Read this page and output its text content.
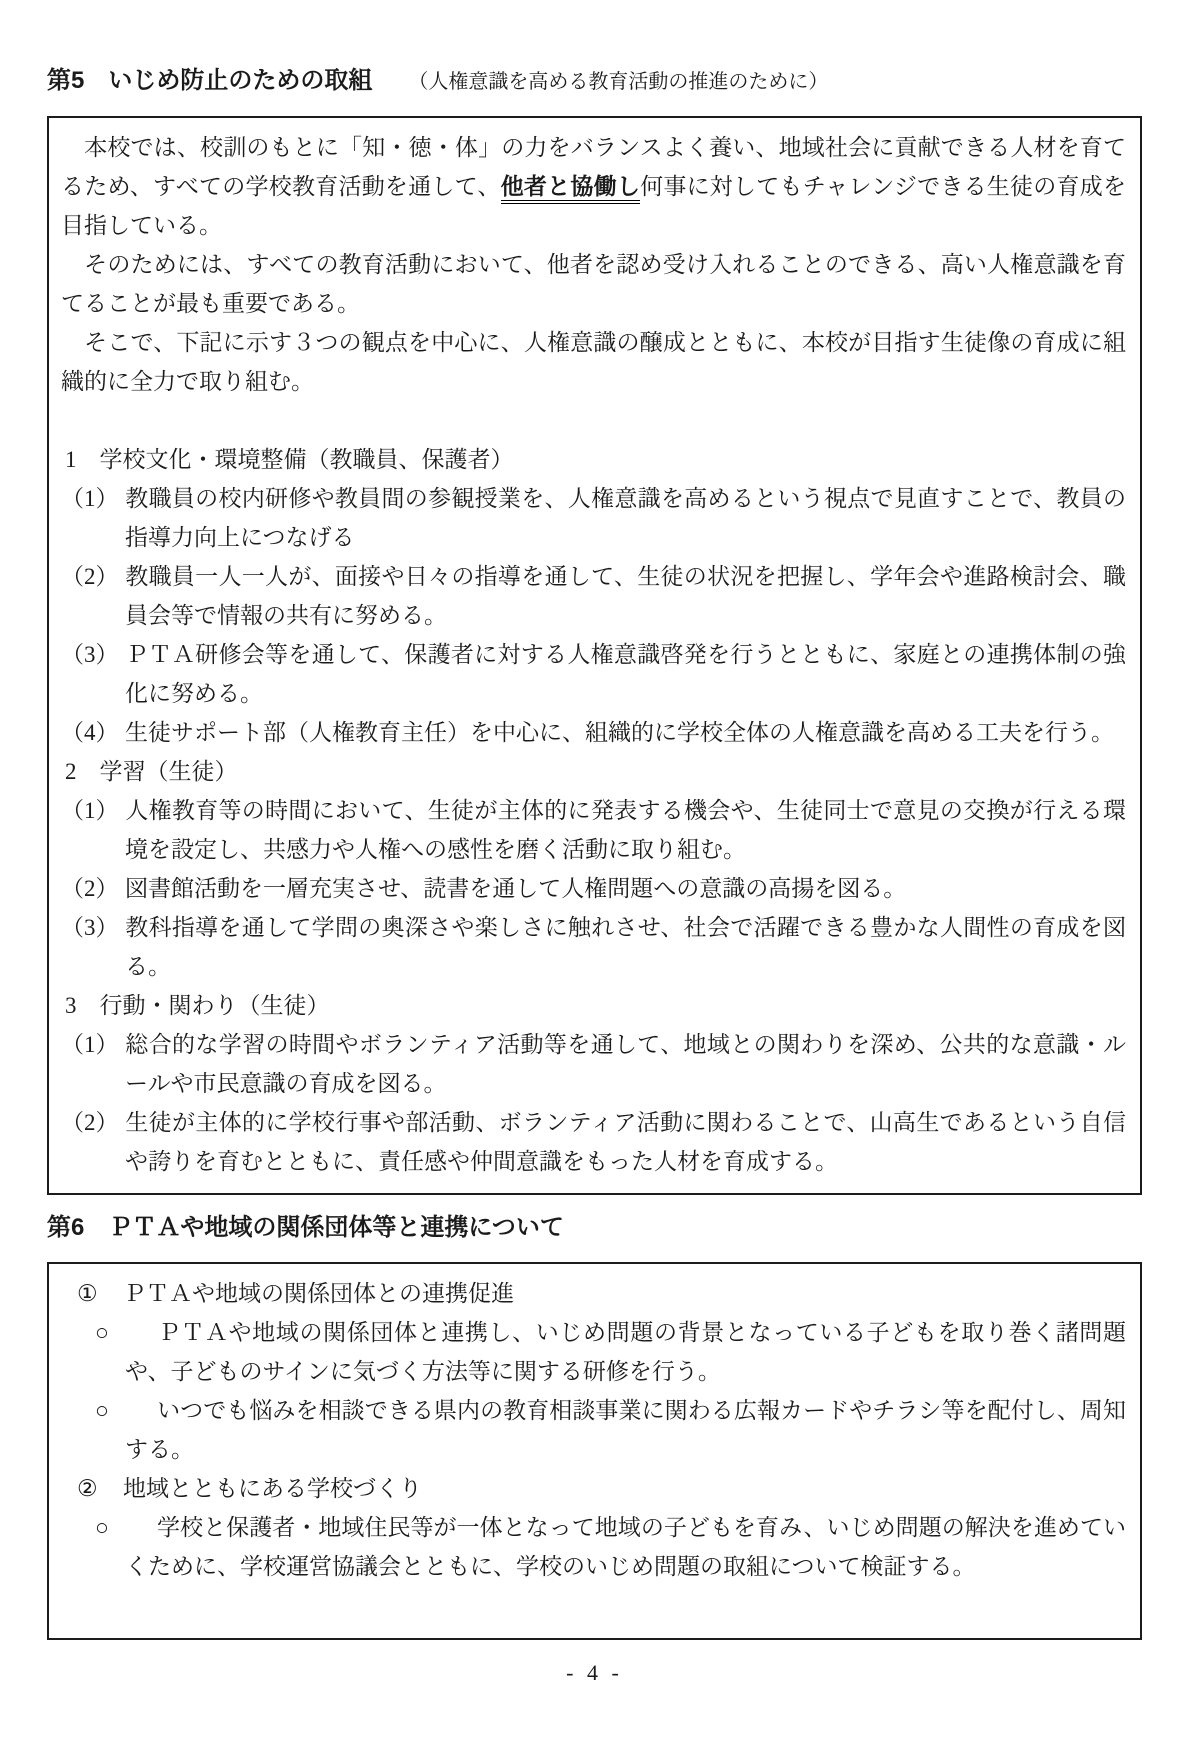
第5 いじめ防止のための取組 （人権意識を高める教育活動の推進のために）

　本校では、校訓のもとに「知・徳・体」の力をバランスよく養い、地域社会に貢献できる人材を育てるため、すべての学校教育活動を通して、他者と協働し何事に対してもチャレンジできる生徒の育成を目指している。

　そのためには、すべての教育活動において、他者を認め受け入れることのできる、高い人権意識を育てることが最も重要である。

　そこで、下記に示す３つの観点を中心に、人権意識の醸成とともに、本校が目指す生徒像の育成に組織的に全力で取り組む。

1　学校文化・環境整備（教職員、保護者）
（1） 教職員の校内研修や教員間の参観授業を、人権意識を高めるという視点で見直すことで、教員の指導力向上につなげる
（2） 教職員一人一人が、面接や日々の指導を通して、生徒の状況を把握し、学年会や進路検討会、職員会等で情報の共有に努める。
（3） ＰＴＡ研修会等を通して、保護者に対する人権意識啓発を行うとともに、家庭との連携体制の強化に努める。
（4） 生徒サポート部（人権教育主任）を中心に、組織的に学校全体の人権意識を高める工夫を行う。
2　学習（生徒）
（1） 人権教育等の時間において、生徒が主体的に発表する機会や、生徒同士で意見の交換が行える環境を設定し、共感力や人権への感性を磨く活動に取り組む。
（2） 図書館活動を一層充実させ、読書を通して人権問題への意識の高揚を図る。
（3） 教科指導を通して学問の奥深さや楽しさに触れさせ、社会で活躍できる豊かな人間性の育成を図る。
3　行動・関わり（生徒）
（1） 総合的な学習の時間やボランティア活動等を通して、地域との関わりを深め、公共的な意識・ルールや市民意識の育成を図る。
（2） 生徒が主体的に学校行事や部活動、ボランティア活動に関わることで、山高生であるという自信や誇りを育むとともに、責任感や仲間意識をもった人材を育成する。
第6 ＰＴＡや地域の関係団体等と連携について
① ＰＴＡや地域の関係団体との連携促進
○ ＰＴＡや地域の関係団体と連携し、いじめ問題の背景となっている子どもを取り巻く諸問題や、子どものサインに気づく方法等に関する研修を行う。
○ いつでも悩みを相談できる県内の教育相談事業に関わる広報カードやチラシ等を配付し、周知する。
② 地域とともにある学校づくり
○ 学校と保護者・地域住民等が一体となって地域の子どもを育み、いじめ問題の解決を進めていくために、学校運営協議会とともに、学校のいじめ問題の取組について検証する。
- 4 -
